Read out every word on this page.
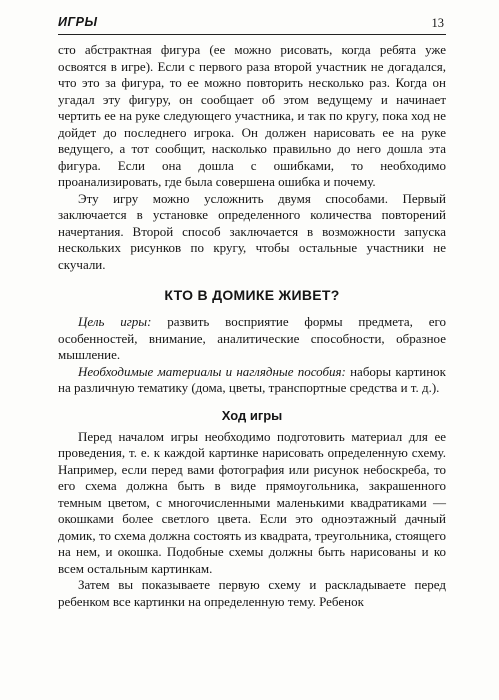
ИГРЫ	13

сто абстрактная фигура (ее можно рисовать, когда ребята уже освоятся в игре). Если с первого раза второй участник не догадался, что это за фигура, то ее можно повторить несколько раз. Когда он угадал эту фигуру, он сообщает об этом ведущему и начинает чертить ее на руке следующего участника, и так по кругу, пока ход не дойдет до последнего игрока. Он должен нарисовать ее на руке ведущего, а тот сообщит, насколько правильно до него дошла эта фигура. Если она дошла с ошибками, то необходимо проанализировать, где была совершена ошибка и почему.

Эту игру можно усложнить двумя способами. Первый заключается в установке определенного количества повторений начертания. Второй способ заключается в возможности запуска нескольких рисунков по кругу, чтобы остальные участники не скучали.

КТО В ДОМИКЕ ЖИВЕТ?

Цель игры: развить восприятие формы предмета, его особенностей, внимание, аналитические способности, образное мышление.

Необходимые материалы и наглядные пособия: наборы картинок на различную тематику (дома, цветы, транспортные средства и т. д.).

Ход игры

Перед началом игры необходимо подготовить материал для ее проведения, т. е. к каждой картинке нарисовать определенную схему. Например, если перед вами фотография или рисунок небоскреба, то его схема должна быть в виде прямоугольника, закрашенного темным цветом, с многочисленными маленькими квадратиками — окошками более светлого цвета. Если это одноэтажный дачный домик, то схема должна состоять из квадрата, треугольника, стоящего на нем, и окошка. Подобные схемы должны быть нарисованы и ко всем остальным картинкам.

Затем вы показываете первую схему и раскладываете перед ребенком все картинки на определенную тему. Ребенок
